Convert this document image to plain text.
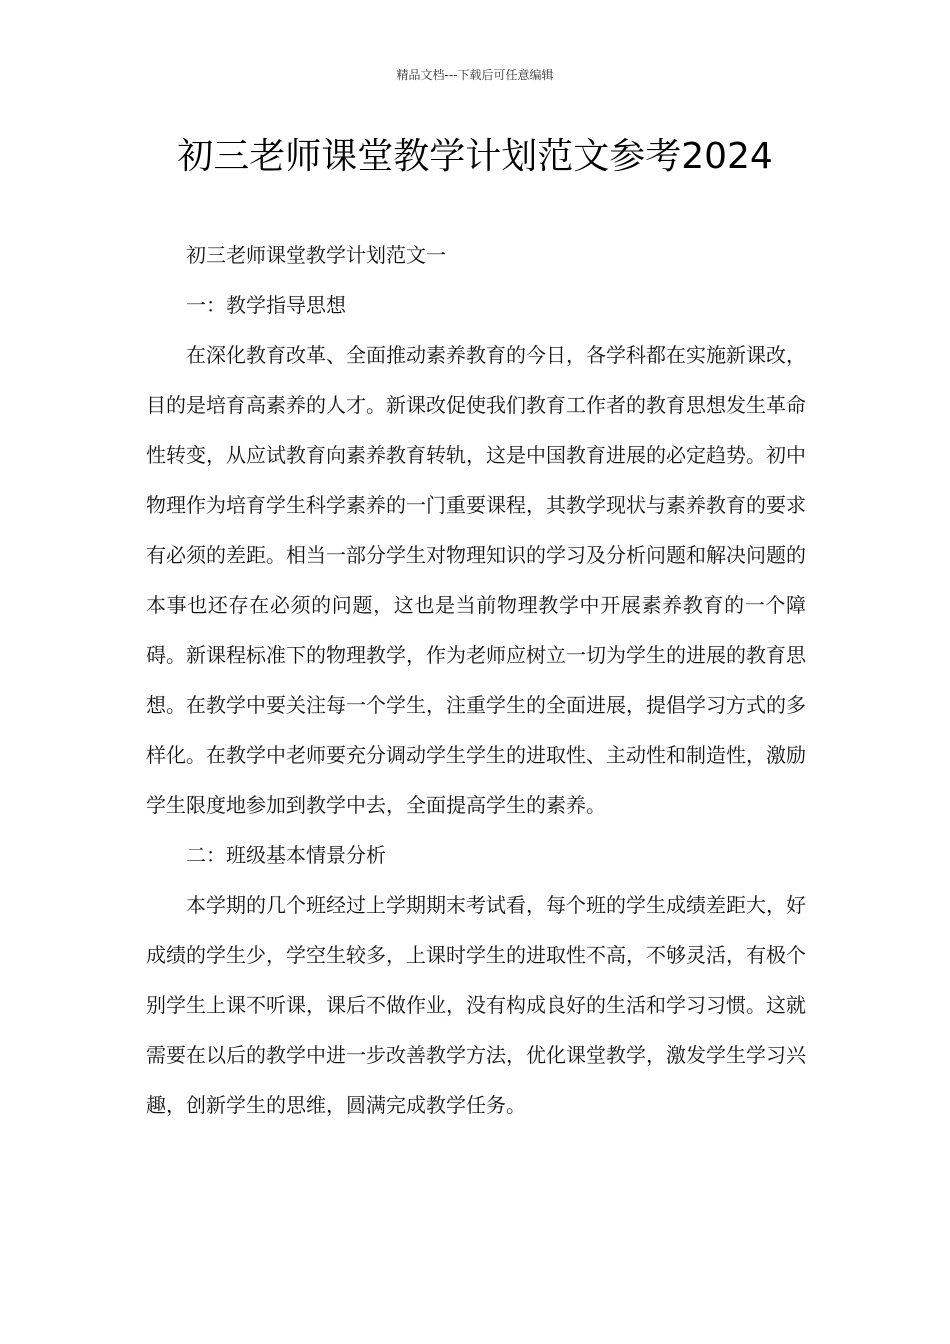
精品文档---下载后可任意编辑
初三老师课堂教学计划范文参考2024

初三老师课堂教学计划范文一

一：教学指导思想

在深化教育改革、全面推动素养教育的今日，各学科都在实施新课改，目的是培育高素养的人才。新课改促使我们教育工作者的教育思想发生革命性转变，从应试教育向素养教育转轨，这是中国教育进展的必定趋势。初中物理作为培育学生科学素养的一门重要课程，其教学现状与素养教育的要求有必须的差距。相当一部分学生对物理知识的学习及分析问题和解决问题的本事也还存在必须的问题，这也是当前物理教学中开展素养教育的一个障碍。新课程标准下的物理教学，作为老师应树立一切为学生的进展的教育思想。在教学中要关注每一个学生，注重学生的全面进展，提倡学习方式的多样化。在教学中老师要充分调动学生学生的进取性、主动性和制造性，激励学生限度地参加到教学中去，全面提高学生的素养。

二：班级基本情景分析

本学期的几个班经过上学期期末考试看，每个班的学生成绩差距大，好成绩的学生少，学空生较多，上课时学生的进取性不高，不够灵活，有极个别学生上课不听课，课后不做作业，没有构成良好的生活和学习习惯。这就需要在以后的教学中进一步改善教学方法，优化课堂教学，激发学生学习兴趣，创新学生的思维，圆满完成教学任务。
